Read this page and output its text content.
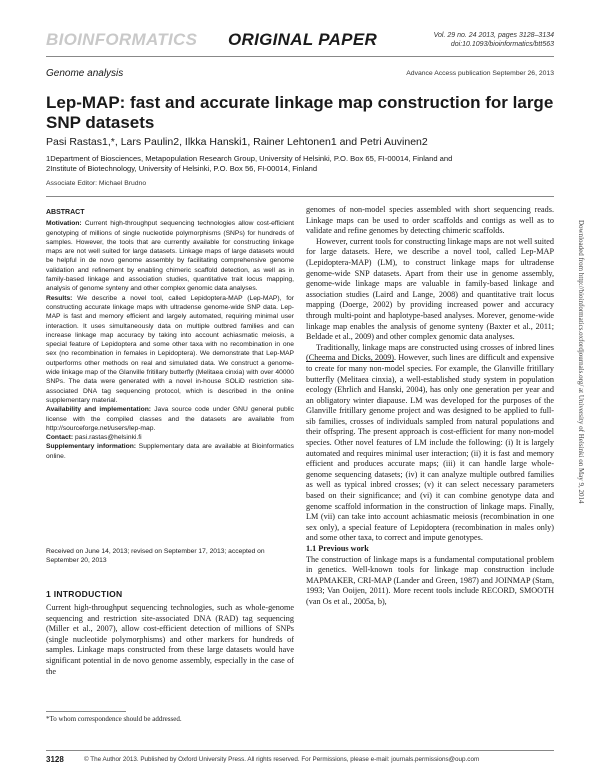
BIOINFORMATICS ORIGINAL PAPER	Vol. 29 no. 24 2013, pages 3128–3134
doi:10.1093/bioinformatics/btt563
Genome analysis	Advance Access publication September 26, 2013
Lep-MAP: fast and accurate linkage map construction for large SNP datasets
Pasi Rastas1,*, Lars Paulin2, Ilkka Hanski1, Rainer Lehtonen1 and Petri Auvinen2
1Department of Biosciences, Metapopulation Research Group, University of Helsinki, P.O. Box 65, FI-00014, Finland and
2Institute of Biotechnology, University of Helsinki, P.O. Box 56, FI-00014, Finland
Associate Editor: Michael Brudno

ABSTRACT

Motivation: Current high-throughput sequencing technologies allow cost-efficient genotyping of millions of single nucleotide polymorphisms (SNPs) for hundreds of samples. However, the tools that are currently available for constructing linkage maps are not well suited for large datasets. Linkage maps of large datasets would be helpful in de novo genome assembly by facilitating comprehensive genome validation and refinement by enabling chimeric scaffold detection, as well as in family-based linkage and association studies, quantitative trait locus mapping, analysis of genome synteny and other complex genomic data analyses.

Results: We describe a novel tool, called Lepidoptera-MAP (Lep-MAP), for constructing accurate linkage maps with ultradense genome-wide SNP data. Lep-MAP is fast and memory efficient and largely automated, requiring minimal user interaction. It uses simultaneously data on multiple outbred families and can increase linkage map accuracy by taking into account achiasmatic meiosis, a special feature of Lepidoptera and some other taxa with no recombination in one sex (no recombination in females in Lepidoptera). We demonstrate that Lep-MAP outperforms other methods on real and simulated data. We construct a genome-wide linkage map of the Glanville fritillary butterfly (Melitaea cinxia) with over 40000 SNPs. The data were generated with a novel in-house SOLiD restriction site-associated DNA tag sequencing protocol, which is described in the online supplementary material.

Availability and implementation: Java source code under GNU general public license with the compiled classes and the datasets are available from http://sourceforge.net/users/lep-map.

Contact: pasi.rastas@helsinki.fi

Supplementary information: Supplementary data are available at Bioinformatics online.

Received on June 14, 2013; revised on September 17, 2013; accepted on September 20, 2013
1 INTRODUCTION
Current high-throughput sequencing technologies, such as whole-genome sequencing and restriction site-associated DNA (RAD) tag sequencing (Miller et al., 2007), allow cost-efficient detection of millions of SNPs (single nucleotide polymorphisms) and other markers for hundreds of samples. Linkage maps constructed from these large datasets would have significant potential in de novo genome assembly, especially in the case of the
*To whom correspondence should be addressed.

genomes of non-model species assembled with short sequencing reads. Linkage maps can be used to order scaffolds and contigs as well as to validate and refine genomes by detecting chimeric scaffolds.

However, current tools for constructing linkage maps are not well suited for large datasets. Here, we describe a novel tool, called Lep-MAP (Lepidoptera-MAP) (LM), to construct linkage maps for ultradense genome-wide SNP datasets. Apart from their use in genome assembly, genome-wide linkage maps are valuable in family-based linkage and association studies (Laird and Lange, 2008) and quantitative trait locus mapping (Doerge, 2002) by providing increased power and accuracy through multi-point and haplotype-based analyses. Morever, genome-wide linkage map enables the analysis of genome synteny (Baxter et al., 2011; Beldade et al., 2009) and other complex genomic data analyses.

Traditionally, linkage maps are constructed using crosses of inbred lines (Cheema and Dicks, 2009). However, such lines are difficult and expensive to create for many non-model species. For example, the Glanville fritillary butterfly (Melitaea cinxia), a well-established study system in population ecology (Ehrlich and Hanski, 2004), has only one generation per year and an obligatory winter diapause. LM was developed for the purposes of the Glanville fritillary genome project and was designed to be applied to full-sib families, crosses of individuals sampled from natural populations and their offspring. The present approach is cost-efficient for many non-model species. Other novel features of LM include the following: (i) It is largely automated and requires minimal user interaction; (ii) it is fast and memory efficient and produces accurate maps; (iii) it can handle large whole-genome sequencing datasets; (iv) it can analyze multiple outbred families as well as typical inbred crosses; (v) it can select necessary parameters based on their significance; and (vi) it can combine genotype data and genome scaffold information in the construction of linkage maps. Finally, LM (vii) can take into account achiasmatic meiosis (recombination in one sex only), a special feature of Lepidoptera (recombination in males only) and some other taxa, to correct and impute genotypes.

1.1 Previous work

The construction of linkage maps is a fundamental computational problem in genetics. Well-known tools for linkage map construction include MAPMAKER, CRI-MAP (Lander and Green, 1987) and JOINMAP (Stam, 1993; Van Ooijen, 2011). More recent tools include RECORD, SMOOTH (van Os et al., 2005a, b),

3128	© The Author 2013. Published by Oxford University Press. All rights reserved. For Permissions, please e-mail: journals.permissions@oup.com
Downloaded from http://bioinformatics.oxfordjournals.org/ at University of Helsinki on May 9, 2014
